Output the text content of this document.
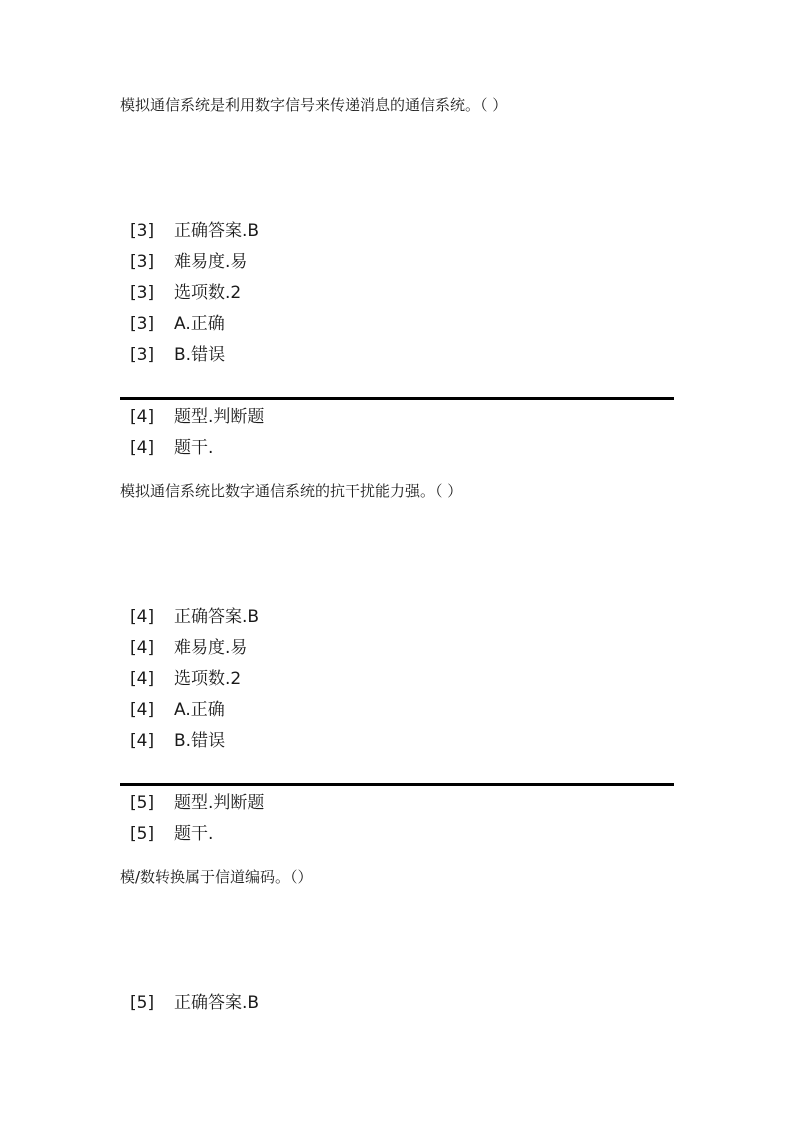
模拟通信系统是利用数字信号来传递消息的通信系统。（ ）
[3] 正确答案.B
[3] 难易度.易
[3] 选项数.2
[3] A.正确
[3] B.错误
[4] 题型.判断题
[4] 题干.
模拟通信系统比数字通信系统的抗干扰能力强。（ ）
[4] 正确答案.B
[4] 难易度.易
[4] 选项数.2
[4] A.正确
[4] B.错误
[5] 题型.判断题
[5] 题干.
模/数转换属于信道编码。（）
[5] 正确答案.B
